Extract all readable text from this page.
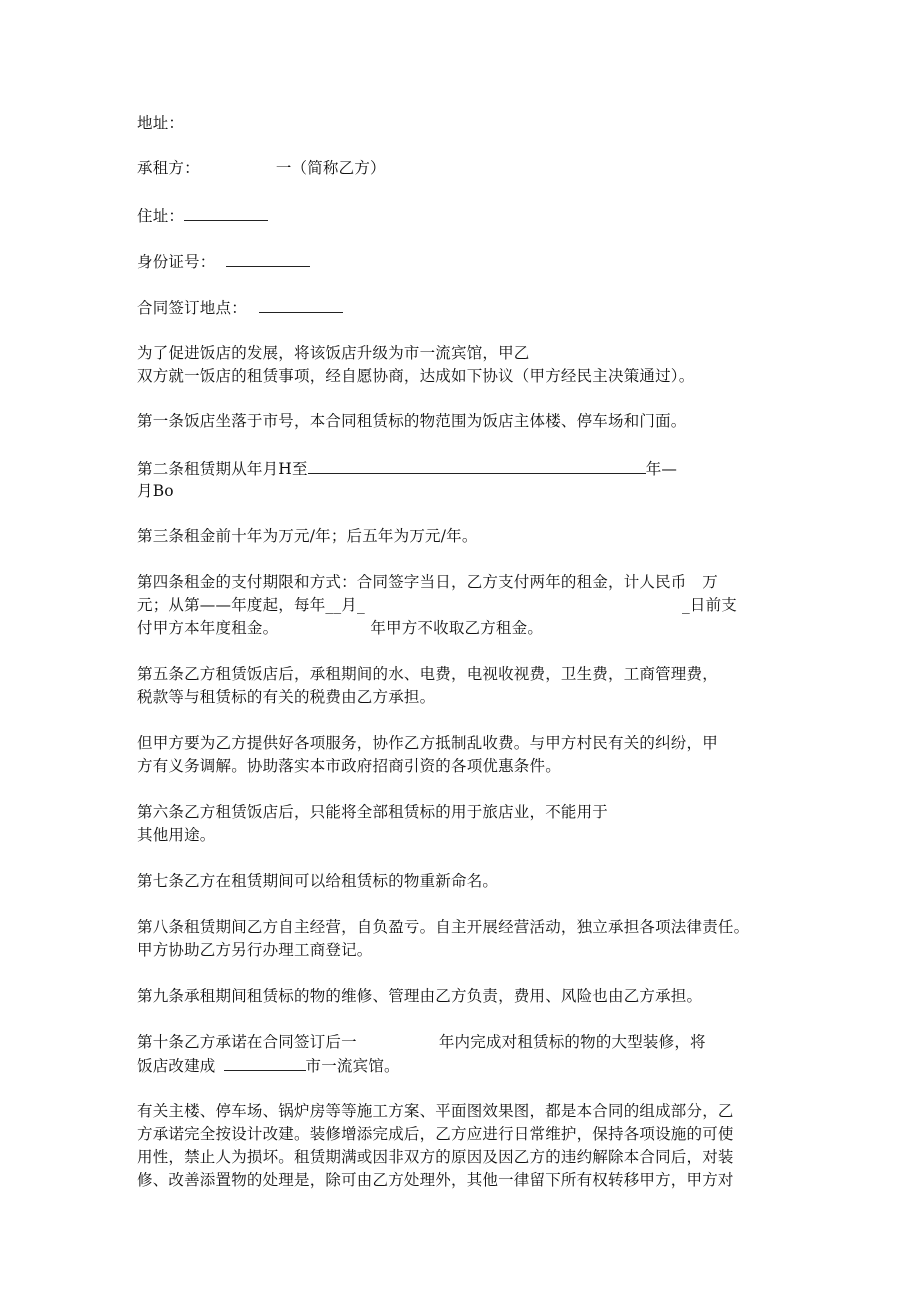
地址：
承租方：	一（简称乙方）
住址：
身份证号：
合同签订地点：
为了促进饭店的发展，将该饭店升级为市一流宾馆，甲乙
双方就一饭店的租赁事项，经自愿协商，达成如下协议（甲方经民主决策通过）。
第一条饭店坐落于市号，本合同租赁标的物范围为饭店主体楼、停车场和门面。
第二条租赁期从年月H至	年—
月Bo
第三条租金前十年为万元/年；后五年为万元/年。
第四条租金的支付期限和方式：合同签字当日，乙方支付两年的租金，计人民币　万
元；从第——年度起，每年__月_	_日前支
付甲方本年度租金。	年甲方不收取乙方租金。
第五条乙方租赁饭店后，承租期间的水、电费，电视收视费，卫生费，工商管理费，
税款等与租赁标的有关的税费由乙方承担。
但甲方要为乙方提供好各项服务，协作乙方抵制乱收费。与甲方村民有关的纠纷，甲
方有义务调解。协助落实本市政府招商引资的各项优惠条件。
第六条乙方租赁饭店后，只能将全部租赁标的用于旅店业，不能用于
其他用途。
第七条乙方在租赁期间可以给租赁标的物重新命名。
第八条租赁期间乙方自主经营，自负盈亏。自主开展经营活动，独立承担各项法律责任。
甲方协助乙方另行办理工商登记。
第九条承租期间租赁标的物的维修、管理由乙方负责，费用、风险也由乙方承担。
第十条乙方承诺在合同签订后一	年内完成对租赁标的物的大型装修，将
饭店改建成	市一流宾馆。
有关主楼、停车场、锅炉房等等施工方案、平面图效果图，都是本合同的组成部分，乙
方承诺完全按设计改建。装修增添完成后，乙方应进行日常维护，保持各项设施的可使
用性，禁止人为损坏。租赁期满或因非双方的原因及因乙方的违约解除本合同后，对装
修、改善添置物的处理是，除可由乙方处理外，其他一律留下所有权转移甲方，甲方对
